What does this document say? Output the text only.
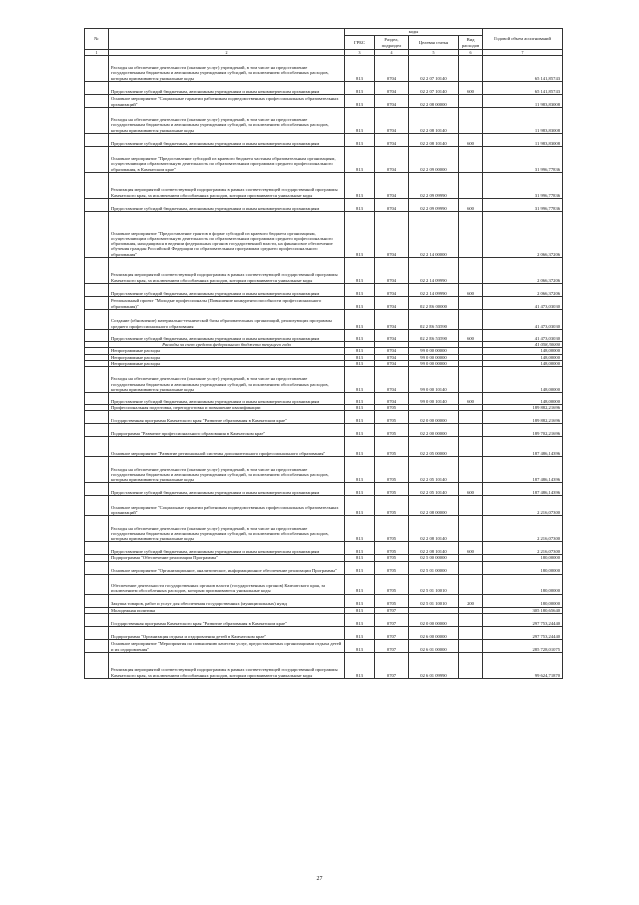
№		коды				Годовой объем ассигнований
		ГРБС	Раздел, подраздел	Целевая статья	Вид расходов	
1	2	3	4	5	6	7
	Расходы на обеспечение деятельности (оказание услуг) учреждений, в том числе на предоставление государственным бюджетным и автономным учреждениям субсидий, за исключением обособленных расходов, которым присваиваются уникальные коды	813	0704	02 2 07 10140		65 141,85743
	Предоставление субсидий бюджетным, автономным учреждениям и иным некоммерческим организациям	813	0704	02 2 07 10140	600	65 141,85743
	Основное мероприятие "Социальные гарантии работникам подведомственных профессиональных образовательных организаций"	813	0704	02 2 08 00000		11 983,83008
	Расходы на обеспечение деятельности (оказание услуг) учреждений, в том числе на предоставление государственным бюджетным и автономным учреждениям субсидий, за исключением обособленных расходов, которым присваиваются уникальные коды	813	0704	02 2 08 10140		11 983,83008
	Предоставление субсидий бюджетным, автономным учреждениям и иным некоммерческим организациям	813	0704	02 2 08 10140	600	11 983,83008
	Основное мероприятие "Предоставление субсидий из краевого бюджета частным образовательным организациям, осуществляющим образовательную деятельность по образовательным программам среднего профессионального образования, в Камчатском крае"	813	0704	02 2 09 00000		31 996,77836
	Реализация мероприятий соответствующей подпрограммы в рамках соответствующей государственной программы Камчатского края, за исключением обособленных расходов, которым присваиваются уникальные коды	813	0704	02 2 09 09990		31 996,77836
	Предоставление субсидий бюджетным, автономным учреждениям и иным некоммерческим организациям	813	0704	02 2 09 09990	600	31 996,77836
	Основное мероприятие "Предоставление грантов в форме субсидий из краевого бюджета организациям, осуществляющим образовательную деятельность по образовательным программам среднего профессионального образования, находящимся в ведении федеральных органов государственной власти, на финансовое обеспечение обучения граждан Российской Федерации по образовательным программам среднего профессионального образования"	813	0704	02 2 14 00000		2 066,37206
	Реализация мероприятий соответствующей подпрограммы в рамках соответствующей государственной программы Камчатского края, за исключением обособленных расходов, которым присваиваются уникальные коды	813	0704	02 2 14 09990		2 066,37206
	Предоставление субсидий бюджетным, автономным учреждениям и иным некоммерческим организациям	813	0704	02 2 14 09990	600	2 066,37206
	Региональный проект "Молодые профессионалы (Повышение конкурентоспособности профессионального образования)"	813	0704	02 2 E6 00000		41 473,03030
	Создание (обновление) материально-технической базы образовательных организаций, реализующих программы среднего профессионального образования	813	0704	02 2 E6 53590		41 473,03030
	Предоставление субсидий бюджетным, автономным учреждениям и иным некоммерческим организациям	813	0704	02 2 E6 53590	600	41 473,03030
	Расходы за счет средств федерального бюджета текущего года					41 058,30000
	Непрограммные расходы	813	0704	99 0 00 00000		148,00000
	Непрограммные расходы	813	0704	99 0 00 00000		148,00000
	Непрограммные расходы	813	0704	99 0 00 00000		148,00000
	Расходы на обеспечение деятельности (оказание услуг) учреждений, в том числе на предоставление государственным бюджетным и автономным учреждениям субсидий, за исключением обособленных расходов, которым присваиваются уникальные коды	813	0704	99 0 00 10140		148,00000
	Предоставление субсидий бюджетным, автономным учреждениям и иным некоммерческим организациям	813	0704	99 0 00 10140	600	148,00000
	Профессиональная подготовка, переподготовка и повышение квалификации	813	0705			189 882,21696
	Государственная программа Камчатского края "Развитие образования в Камчатском крае"	813	0705	02 0 00 00000		189 882,21696
	Подпрограмма "Развитие профессионального образования в Камчатском крае"	813	0705	02 2 00 00000		189 702,21696
	Основное мероприятие "Развитие региональной системы дополнительного профессионального образования"	813	0705	02 2 05 00000		187 486,14396
	Расходы на обеспечение деятельности (оказание услуг) учреждений, в том числе на предоставление государственным бюджетным и автономным учреждениям субсидий, за исключением обособленных расходов, которым присваиваются уникальные коды	813	0705	02 2 05 10140		187 486,14396
	Предоставление субсидий бюджетным, автономным учреждениям и иным некоммерческим организациям	813	0705	02 2 05 10140	600	187 486,14396
	Основное мероприятие "Социальные гарантии работникам подведомственных профессиональных образовательных организаций"	813	0705	02 2 08 00000		2 216,07300
	Расходы на обеспечение деятельности (оказание услуг) учреждений, в том числе на предоставление государственным бюджетным и автономным учреждениям субсидий, за исключением обособленных расходов, которым присваиваются уникальные коды	813	0705	02 2 08 10140		2 216,07300
	Предоставление субсидий бюджетным, автономным учреждениям и иным некоммерческим организациям	813	0705	02 2 08 10140	600	2 216,07300
	Подпрограмма "Обеспечение реализации Программы"	813	0705	02 5 00 00000		180,00000
	Основное мероприятие "Организационное, аналитическое, информационное обеспечение реализации Программы"	813	0705	02 5 01 00000		180,00000
	Обеспечение деятельности государственных органов власти (государственных органов) Камчатского края, за исключением обособленных расходов, которым присваиваются уникальные коды	813	0705	02 5 01 10010		180,00000
	Закупка товаров, работ и услуг для обеспечения государственных (муниципальных) нужд	813	0705	02 5 01 10010	200	180,00000
	Молодежная политика	813	0707			305 180,65640
	Государственная программа Камчатского края "Развитие образования в Камчатском крае"	813	0707	02 0 00 00000		297 753,24440
	Подпрограмма "Организация отдыха и оздоровления детей в Камчатском крае"	813	0707	02 6 00 00000		297 753,24440
	Основное мероприятие "Мероприятия по повышению качества услуг, предоставляемых организациями отдыха детей и их оздоровления"	813	0707	02 6 01 00000		285 728,01075
	Реализация мероприятий соответствующей подпрограммы в рамках соответствующей государственной программы Камчатского края, за исключением обособленных расходов, которым присваиваются уникальные коды	813	0707	02 6 01 09990		99 624,71870
27
